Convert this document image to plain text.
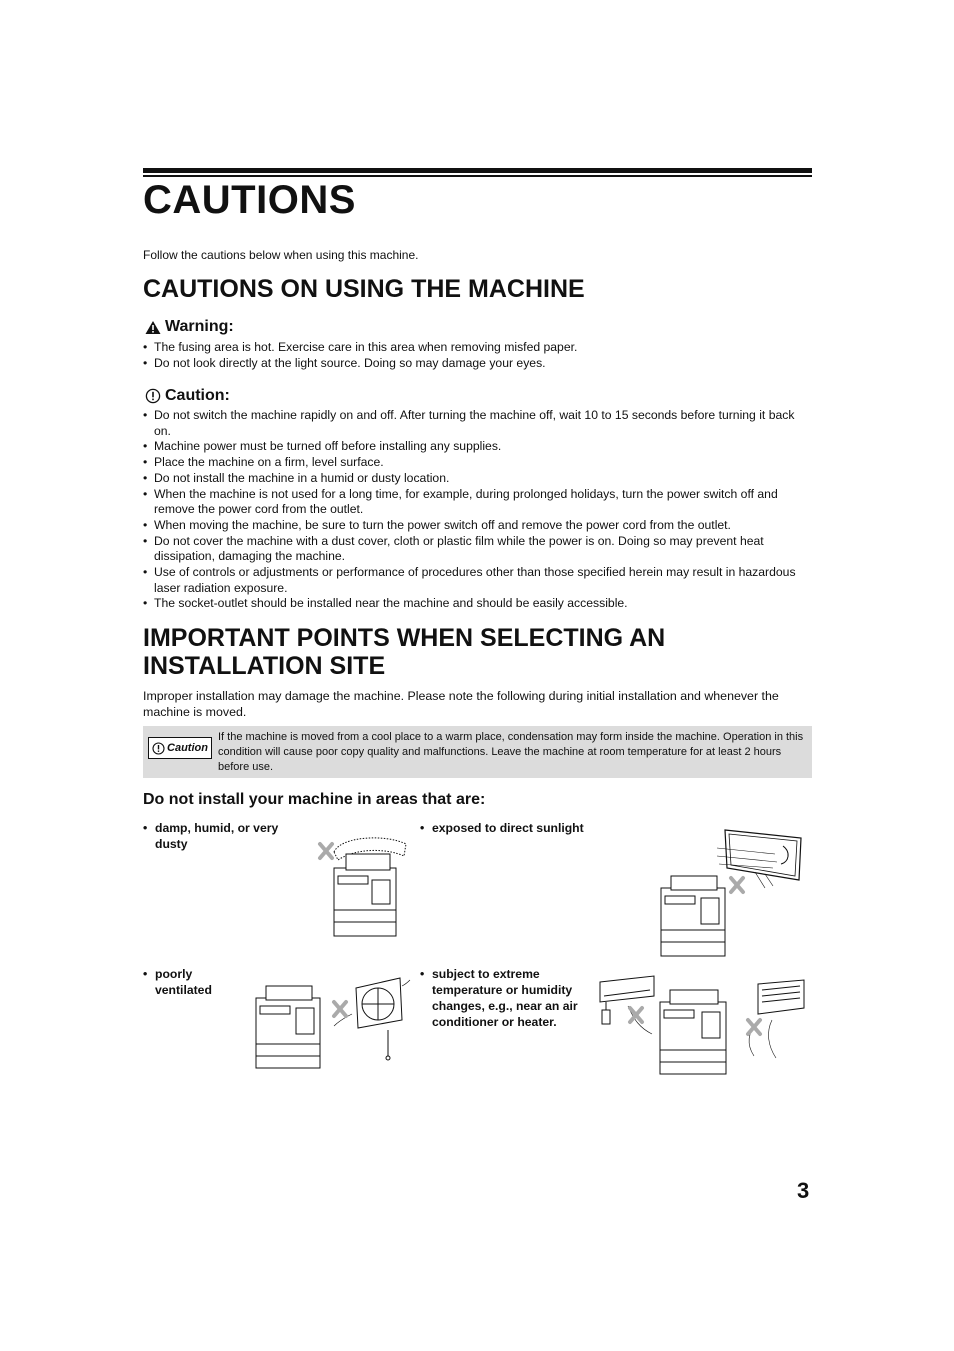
CAUTIONS
Follow the cautions below when using this machine.
CAUTIONS ON USING THE MACHINE
Warning:
• The fusing area is hot. Exercise care in this area when removing misfed paper.
• Do not look directly at the light source. Doing so may damage your eyes.
Caution:
• Do not switch the machine rapidly on and off. After turning the machine off, wait 10 to 15 seconds before turning it back on.
• Machine power must be turned off before installing any supplies.
• Place the machine on a firm, level surface.
• Do not install the machine in a humid or dusty location.
• When the machine is not used for a long time, for example, during prolonged holidays, turn the power switch off and remove the power cord from the outlet.
• When moving the machine, be sure to turn the power switch off and remove the power cord from the outlet.
• Do not cover the machine with a dust cover, cloth or plastic film while the power is on. Doing so may prevent heat dissipation, damaging the machine.
• Use of controls or adjustments or performance of procedures other than those specified herein may result in hazardous laser radiation exposure.
• The socket-outlet should be installed near the machine and should be easily accessible.
IMPORTANT POINTS WHEN SELECTING AN
INSTALLATION SITE
Improper installation may damage the machine. Please note the following during initial installation and whenever the machine is moved.
Caution
If the machine is moved from a cool place to a warm place, condensation may form inside the machine. Operation in this condition will cause poor copy quality and malfunctions. Leave the machine at room temperature for at least 2 hours before use.
Do not install your machine in areas that are:
• damp, humid, or very dusty
• exposed to direct sunlight
• poorly ventilated
• subject to extreme temperature or humidity changes, e.g., near an air conditioner or heater.
3
